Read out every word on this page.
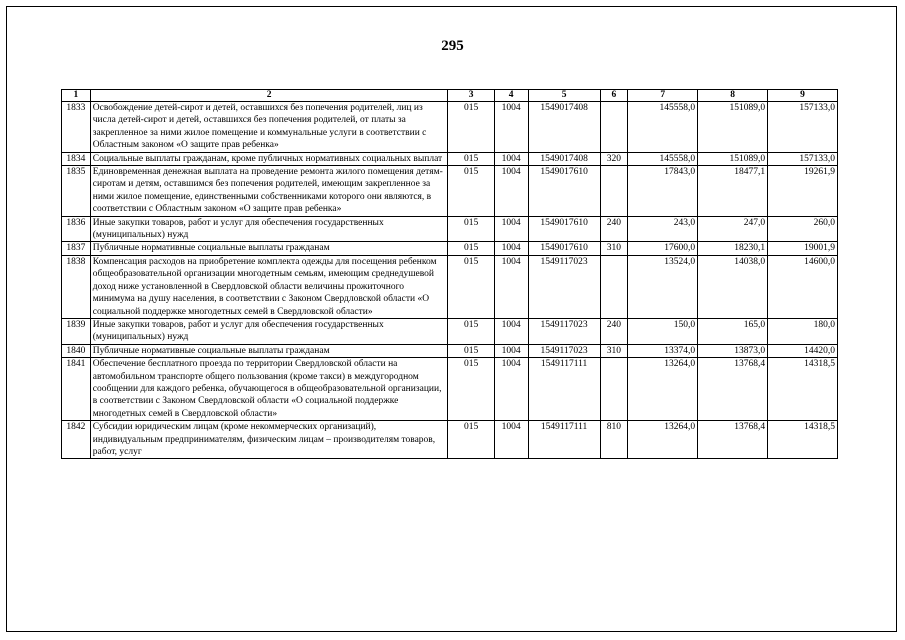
295
1	2	3	4	5	6	7	8	9
1833	Освобождение детей-сирот и детей, оставшихся без попечения родителей, лиц из числа детей-сирот и детей, оставшихся без попечения родителей, от платы за закрепленное за ними жилое помещение и коммунальные услуги в соответствии с Областным законом «О защите прав ребенка»	015	1004	1549017408		145558,0	151089,0	157133,0
1834	Социальные выплаты гражданам, кроме публичных нормативных социальных выплат	015	1004	1549017408	320	145558,0	151089,0	157133,0
1835	Единовременная денежная выплата на проведение ремонта жилого помещения детям-сиротам и детям, оставшимся без попечения родителей, имеющим закрепленное за ними жилое помещение, единственными собственниками которого они являются, в соответствии с Областным законом «О защите прав ребенка»	015	1004	1549017610		17843,0	18477,1	19261,9
1836	Иные закупки товаров, работ и услуг для обеспечения государственных (муниципальных) нужд	015	1004	1549017610	240	243,0	247,0	260,0
1837	Публичные нормативные социальные выплаты гражданам	015	1004	1549017610	310	17600,0	18230,1	19001,9
1838	Компенсация расходов на приобретение комплекта одежды для посещения ребенком общеобразовательной организации многодетным семьям, имеющим среднедушевой доход ниже установленной в Свердловской области величины прожиточного минимума на душу населения, в соответствии с Законом Свердловской области «О социальной поддержке многодетных семей в Свердловской области»	015	1004	1549117023		13524,0	14038,0	14600,0
1839	Иные закупки товаров, работ и услуг для обеспечения государственных (муниципальных) нужд	015	1004	1549117023	240	150,0	165,0	180,0
1840	Публичные нормативные социальные выплаты гражданам	015	1004	1549117023	310	13374,0	13873,0	14420,0
1841	Обеспечение бесплатного проезда по территории Свердловской области на автомобильном транспорте общего пользования (кроме такси) в междугородном сообщении для каждого ребенка, обучающегося в общеобразовательной организации, в соответствии с Законом Свердловской области «О социальной поддержке многодетных семей в Свердловской области»	015	1004	1549117111		13264,0	13768,4	14318,5
1842	Субсидии юридическим лицам (кроме некоммерческих организаций), индивидуальным предпринимателям, физическим лицам – производителям товаров, работ, услуг	015	1004	1549117111	810	13264,0	13768,4	14318,5
